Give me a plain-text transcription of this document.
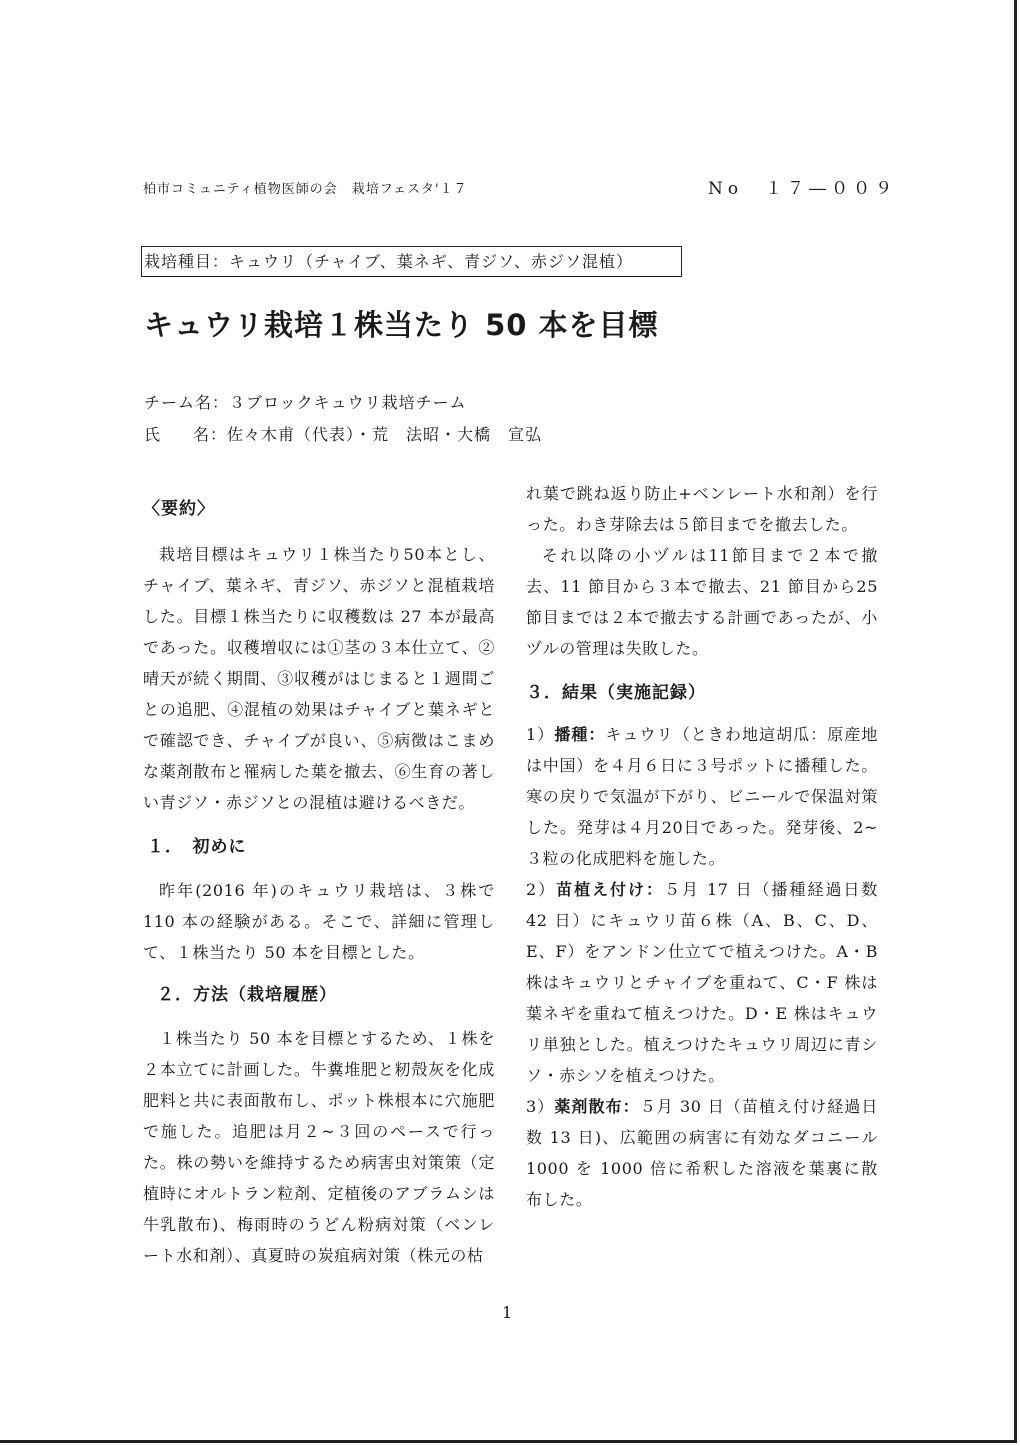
柏市コミュニティ植物医師の会　栽培フェスタ'１７	No　１７―００９
栽培種目：キュウリ（チャイブ、葉ネギ、青ジソ、赤ジソ混植）
キュウリ栽培１株当たり 50 本を目標
チーム名：３ブロックキュウリ栽培チーム
氏 名：佐々木甫（代表）・荒　法昭・大橋　宣弘
〈要約〉

栽培目標はキュウリ１株当たり50本とし、チャイブ、葉ネギ、青ジソ、赤ジソと混植栽培した。目標１株当たりに収穫数は 27 本が最高であった。収穫増収には①茎の３本仕立て、②晴天が続く期間、③収穫がはじまると１週間ごとの追肥、④混植の効果はチャイブと葉ネギとで確認でき、チャイブが良い、⑤病徴はこまめな薬剤散布と罹病した葉を撤去、⑥生育の著しい青ジソ・赤ジソとの混植は避けるべきだ。

１．　初めに

昨年(2016 年)のキュウリ栽培は、３株で 110 本の経験がある。そこで、詳細に管理して、１株当たり 50 本を目標とした。

２．方法（栽培履歴）

１株当たり 50 本を目標とするため、１株を２本立てに計画した。牛糞堆肥と籾殻灰を化成肥料と共に表面散布し、ポット株根本に穴施肥で施した。追肥は月２~３回のペースで行った。株の勢いを維持するため病害虫対策策（定植時にオルトラン粒剤、定植後のアブラムシは牛乳散布)、梅雨時のうどん粉病対策（ベンレート水和剤）、真夏時の炭疽病対策（株元の枯

れ葉で跳ね返り防止+ベンレート水和剤）を行った。わき芽除去は５節目までを撤去した。

それ以降の小ヅルは11節目まで２本で撤去、11 節目から３本で撤去、21 節目から25節目までは２本で撤去する計画であったが、小ヅルの管理は失敗した。

３．結果（実施記録）

1）播種：キュウリ（ときわ地這胡瓜：原産地は中国）を４月６日に３号ポットに播種した。寒の戻りで気温が下がり、ビニールで保温対策した。発芽は４月20日であった。発芽後、2~３粒の化成肥料を施した。

2）苗植え付け：５月 17 日（播種経過日数 42 日）にキュウリ苗６株（A、B、C、D、E、F）をアンドン仕立てで植えつけた。A・B 株はキュウリとチャイブを重ねて、C・F 株は葉ネギを重ねて植えつけた。D・E 株はキュウリ単独とした。植えつけたキュウリ周辺に青シソ・赤シソを植えつけた。

3）薬剤散布：５月 30 日（苗植え付け経過日数 13 日)、広範囲の病害に有効なダコニール 1000 を 1000 倍に希釈した溶液を葉裏に散布した。

1
